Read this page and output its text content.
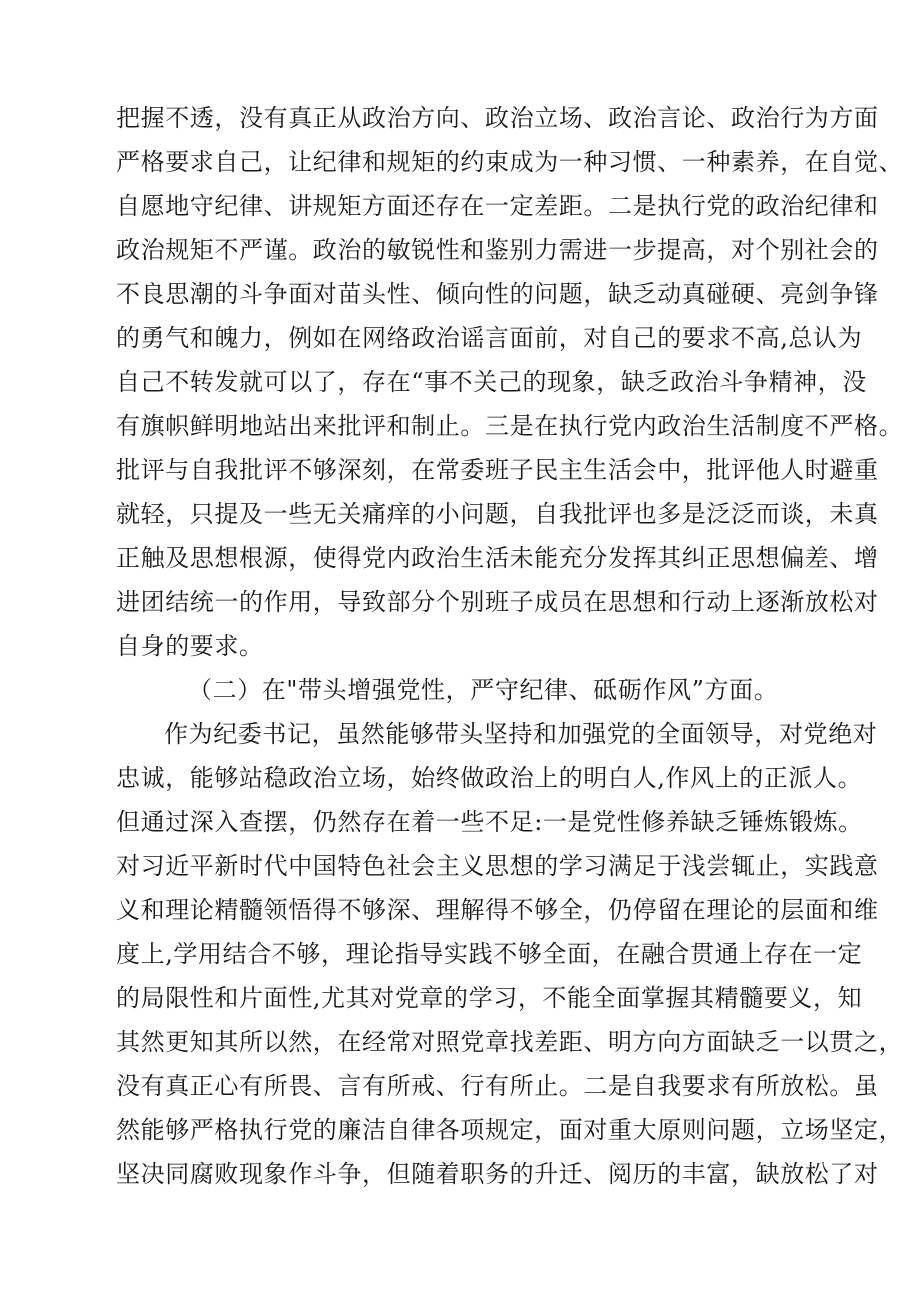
把握不透，没有真正从政治方向、政治立场、政治言论、政治行为方面
严格要求自己，让纪律和规矩的约束成为一种习惯、一种素养，在自觉、
自愿地守纪律、讲规矩方面还存在一定差距。二是执行党的政治纪律和
政治规矩不严谨。政治的敏锐性和鉴别力需进一步提高，对个别社会的
不良思潮的斗争面对苗头性、倾向性的问题，缺乏动真碰硬、亮剑争锋
的勇气和魄力，例如在网络政治谣言面前，对自己的要求不高,总认为
自己不转发就可以了，存在“事不关己的现象，缺乏政治斗争精神，没
有旗帜鲜明地站出来批评和制止。三是在执行党内政治生活制度不严格。
批评与自我批评不够深刻，在常委班子民主生活会中，批评他人时避重
就轻，只提及一些无关痛痒的小问题，自我批评也多是泛泛而谈，未真
正触及思想根源，使得党内政治生活未能充分发挥其纠正思想偏差、增
进团结统一的作用，导致部分个别班子成员在思想和行动上逐渐放松对
自身的要求。
（二）在"带头增强党性，严守纪律、砥砺作风”方面。
作为纪委书记，虽然能够带头坚持和加强党的全面领导，对党绝对
忠诚，能够站稳政治立场，始终做政治上的明白人,作风上的正派人。
但通过深入查摆，仍然存在着一些不足:一是党性修养缺乏锤炼锻炼。
对习近平新时代中国特色社会主义思想的学习满足于浅尝辄止，实践意
义和理论精髓领悟得不够深、理解得不够全，仍停留在理论的层面和维
度上,学用结合不够，理论指导实践不够全面，在融合贯通上存在一定
的局限性和片面性,尤其对党章的学习，不能全面掌握其精髓要义，知
其然更知其所以然，在经常对照党章找差距、明方向方面缺乏一以贯之，
没有真正心有所畏、言有所戒、行有所止。二是自我要求有所放松。虽
然能够严格执行党的廉洁自律各项规定，面对重大原则问题，立场坚定，
坚决同腐败现象作斗争，但随着职务的升迁、阅历的丰富，缺放松了对
